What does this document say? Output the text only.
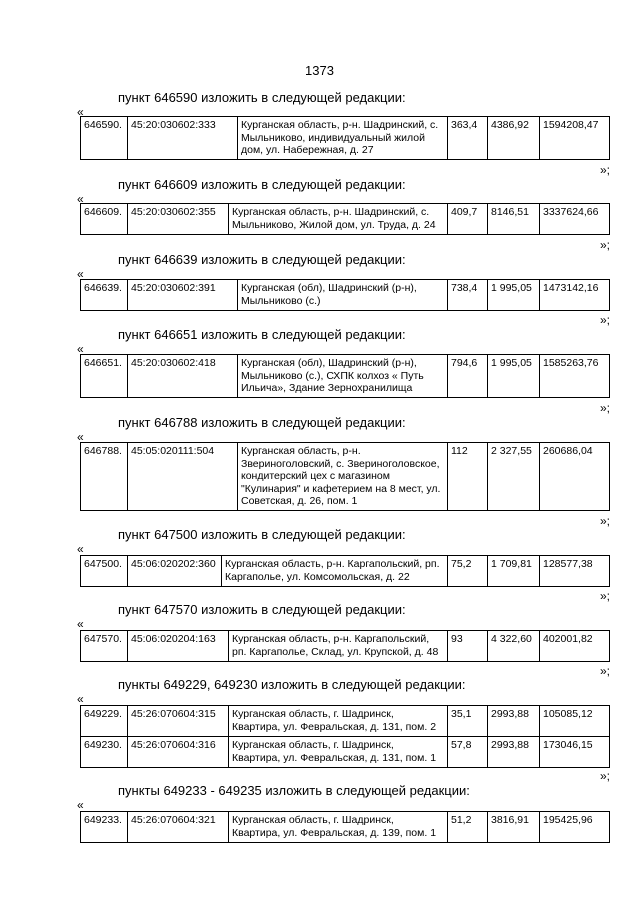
1373
пункт 646590 изложить в следующей редакции:
«
646590.	45:20:030602:333	Курганская область, р-н. Шадринский, с. Мыльниково, индивидуальный жилой дом, ул. Набережная, д. 27	363,4	4386,92	1594208,47
»;
пункт 646609 изложить в следующей редакции:
«
646609.	45:20:030602:355	Курганская область, р-н. Шадринский, с. Мыльниково, Жилой дом, ул. Труда, д. 24	409,7	8146,51	3337624,66
»;
пункт 646639 изложить в следующей редакции:
«
646639.	45:20:030602:391	Курганская (обл), Шадринский (р-н), Мыльниково (с.)	738,4	1 995,05	1473142,16
»;
пункт 646651 изложить в следующей редакции:
«
646651.	45:20:030602:418	Курганская (обл), Шадринский (р-н), Мыльниково (с.), СХПК колхоз « Путь Ильича», Здание Зернохранилища	794,6	1 995,05	1585263,76
»;
пункт 646788 изложить в следующей редакции:
«
646788.	45:05:020111:504	Курганская область, р-н. Звериноголовский, с. Звериноголовское, кондитерский цех с магазином "Кулинария" и кафетерием на 8 мест, ул. Советская, д. 26, пом. 1	112	2 327,55	260686,04
»;
пункт 647500 изложить в следующей редакции:
«
647500.	45:06:020202:360	Курганская область, р-н. Каргапольский, рп. Каргаполье, ул. Комсомольская, д. 22	75,2	1 709,81	128577,38
»;
пункт 647570 изложить в следующей редакции:
«
647570.	45:06:020204:163	Курганская область, р-н. Каргапольский, рп. Каргаполье, Склад, ул. Крупской, д. 48	93	4 322,60	402001,82
»;
пункты 649229, 649230 изложить в следующей редакции:
«
649229.	45:26:070604:315	Курганская область, г. Шадринск, Квартира, ул. Февральская, д. 131, пом. 2	35,1	2993,88	105085,12
649230.	45:26:070604:316	Курганская область, г. Шадринск, Квартира, ул. Февральская, д. 131, пом. 1	57,8	2993,88	173046,15
»;
пункты 649233 - 649235 изложить в следующей редакции:
«
649233.	45:26:070604:321	Курганская область, г. Шадринск, Квартира, ул. Февральская, д. 139, пом. 1	51,2	3816,91	195425,96
